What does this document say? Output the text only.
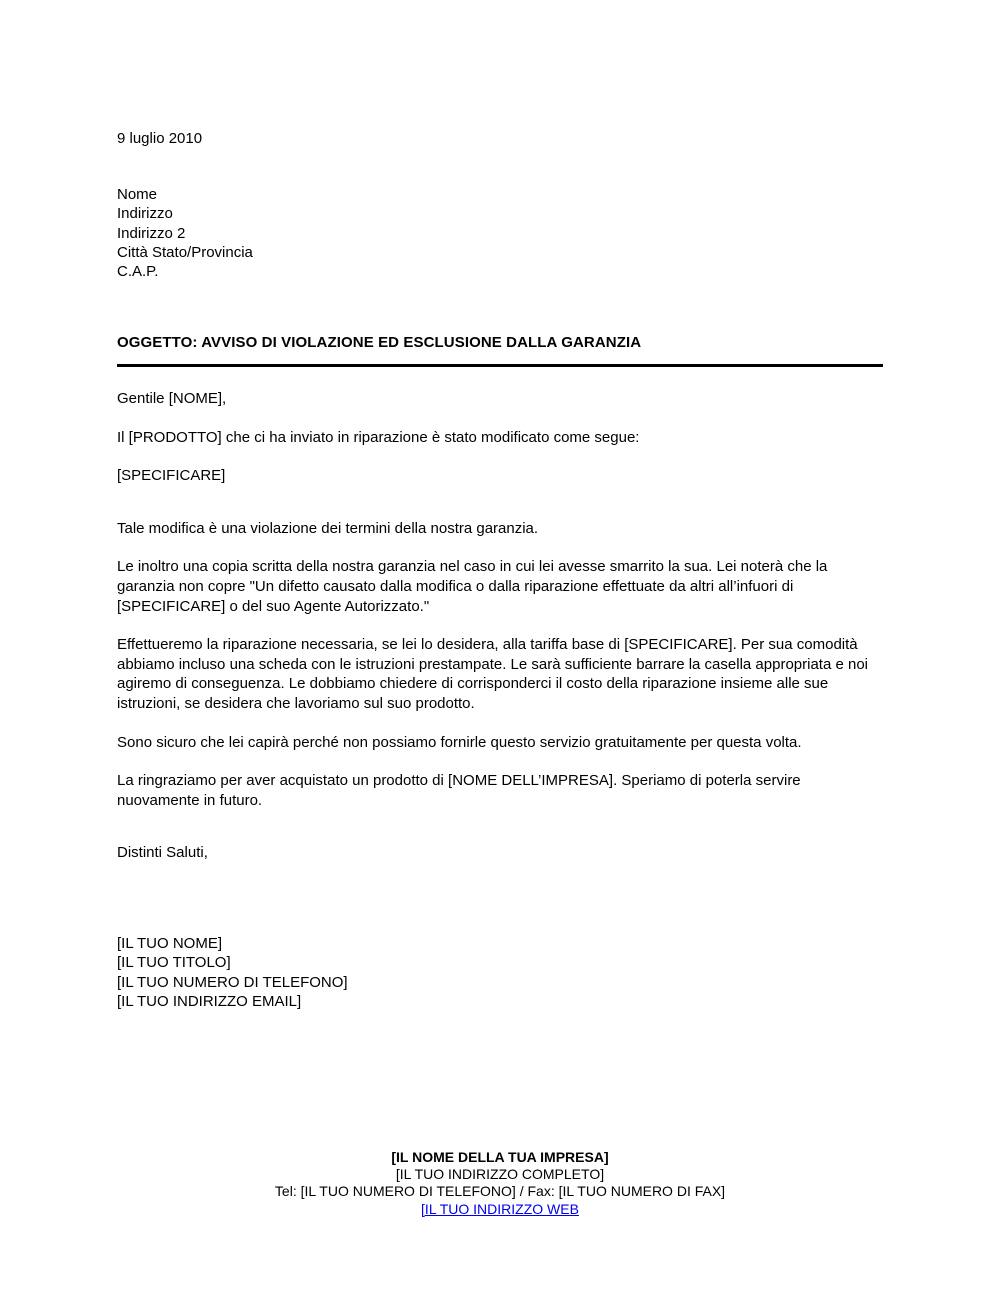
9 luglio 2010
Nome
Indirizzo
Indirizzo 2
Città Stato/Provincia
C.A.P.
OGGETTO: AVVISO DI VIOLAZIONE ED ESCLUSIONE DALLA GARANZIA

Gentile [NOME],

Il [PRODOTTO] che ci ha inviato in riparazione è stato modificato come segue:

[SPECIFICARE]

Tale modifica è una violazione dei termini della nostra garanzia.

Le inoltro una copia scritta della nostra garanzia nel caso in cui lei avesse smarrito la sua. Lei noterà che la garanzia non copre "Un difetto causato dalla modifica o dalla riparazione effettuate da altri all’infuori di [SPECIFICARE] o del suo Agente Autorizzato."

Effettueremo la riparazione necessaria, se lei lo desidera, alla tariffa base di [SPECIFICARE]. Per sua comodità abbiamo incluso una scheda con le istruzioni prestampate. Le sarà sufficiente barrare la casella appropriata e noi agiremo di conseguenza. Le dobbiamo chiedere di corrisponderci il costo della riparazione insieme alle sue istruzioni, se desidera che lavoriamo sul suo prodotto.

Sono sicuro che lei capirà perché non possiamo fornirle questo servizio gratuitamente per questa volta.

La ringraziamo per aver acquistato un prodotto di [NOME DELL’IMPRESA]. Speriamo di poterla servire nuovamente in futuro.

Distinti Saluti,
[IL TUO NOME]
[IL TUO TITOLO]
[IL TUO NUMERO DI TELEFONO]
[IL TUO INDIRIZZO EMAIL]
[IL NOME DELLA TUA IMPRESA]
[IL TUO INDIRIZZO COMPLETO]
Tel: [IL TUO NUMERO DI TELEFONO] / Fax: [IL TUO NUMERO DI FAX]
[IL TUO INDIRIZZO WEB
